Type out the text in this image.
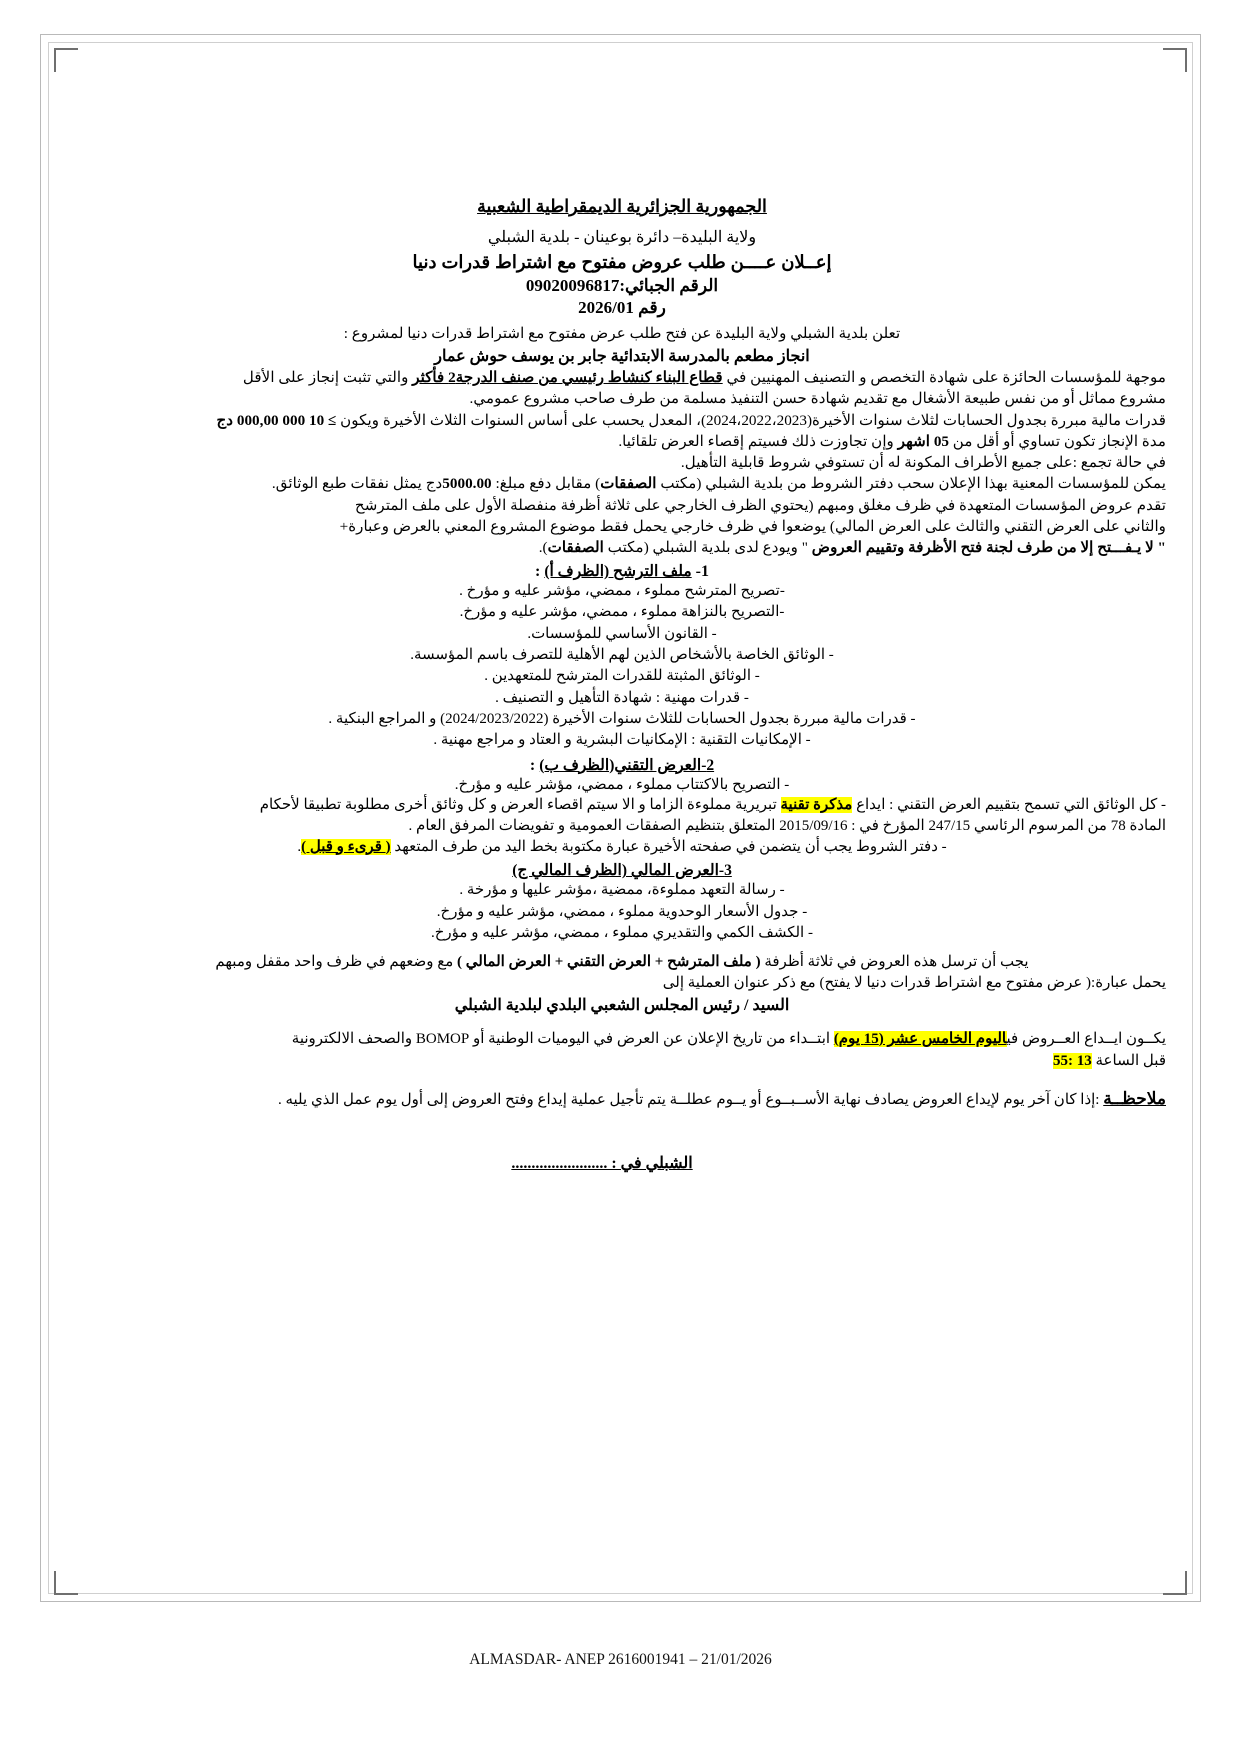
الجمهورية الجزائرية الديمقراطية الشعبية
ولاية البليدة– دائرة بوعينان - بلدية الشبلي
إعــلان عــــن طلب عروض مفتوح مع اشتراط قدرات دنيا
الرقم الجبائي:09020096817
رقم 2026/01

تعلن بلدية الشبلي ولاية البليدة عن فتح طلب عرض مفتوح مع اشتراط قدرات دنيا لمشروع :

انجاز مطعم بالمدرسة الابتدائية جابر بن يوسف حوش عمار

موجهة للمؤسسات الحائزة على شهادة التخصص و التصنيف المهنيين في قطاع البناء كنشاط رئيسي من صنف الدرجة2 فأكثر والتي تثبت إنجاز على الأقل

مشروع مماثل أو من نفس طبيعة الأشغال مع تقديم شهادة حسن التنفيذ مسلمة من طرف صاحب مشروع عمومي.

قدرات مالية مبررة بجدول الحسابات لثلاث سنوات الأخيرة(2024،2022،2023)، المعدل يحسب على أساس السنوات الثلاث الأخيرة ويكون ≥ 10 000 000,00 دج

مدة الإنجاز تكون تساوي أو أقل من 05 اشهر وإن تجاوزت ذلك فسيتم إقصاء العرض تلقائيا.

في حالة تجمع :على جميع الأطراف المكونة له أن تستوفي شروط قابلية التأهيل.

يمكن للمؤسسات المعنية بهذا الإعلان سحب دفتر الشروط من بلدية الشبلي (مكتب الصفقات) مقابل دفع مبلغ: 5000.00دج يمثل نفقات طبع الوثائق.

تقدم عروض المؤسسات المتعهدة في ظرف مغلق ومبهم (يحتوي الظرف الخارجي على ثلاثة أظرفة منفصلة الأول على ملف المترشح

والثاني على العرض التقني والثالث على العرض المالي) يوضعوا في ظرف خارجي يحمل فقط موضوع المشروع المعني بالعرض وعبارة+

" لا يـفـــتح إلا من طرف لجنة فتح الأظرفة وتقييم العروض " ويودع لدى بلدية الشبلي (مكتب الصفقات).

1- ملف الترشح (الظرف أ) :
-تصريح المترشح مملوء ، ممضي، مؤشر عليه و مؤرخ .
-التصريح بالنزاهة مملوء ، ممضي، مؤشر عليه و مؤرخ.
- القانون الأساسي للمؤسسات.
- الوثائق الخاصة بالأشخاص الذين لهم الأهلية للتصرف باسم المؤسسة.
- الوثائق المثبتة للقدرات المترشح للمتعهدين .
- قدرات مهنية : شهادة التأهيل و التصنيف .
- قدرات مالية مبررة بجدول الحسابات للثلاث سنوات الأخيرة (2024/2023/2022) و المراجع البنكية .
- الإمكانيات التقنية : الإمكانيات البشرية و العتاد و مراجع مهنية .
2-العرض التقني(الظرف ب) :

- التصريح بالاكتتاب مملوء ، ممضي، مؤشر عليه و مؤرخ.

- كل الوثائق التي تسمح بتقييم العرض التقني : ايداع مذكرة تقنية تبريرية مملوءة الزاما و الا سيتم اقصاء العرض و كل وثائق أخرى مطلوبة تطبيقا لأحكام

المادة 78 من المرسوم الرئاسي 247/15 المؤرخ في : 2015/09/16 المتعلق بتنظيم الصفقات العمومية و تفويضات المرفق العام .

- دفتر الشروط يجب أن يتضمن في صفحته الأخيرة عبارة مكتوبة بخط اليد من طرف المتعهد ( قرىء و قبل ).

3-العرض المالي (الظرف المالي ج)
- رسالة التعهد مملوءة، ممضية ،مؤشر عليها و مؤرخة .
- جدول الأسعار الوحدوية مملوء ، ممضي، مؤشر عليه و مؤرخ.
- الكشف الكمي والتقديري مملوء ، ممضي، مؤشر عليه و مؤرخ.

يجب أن ترسل هذه العروض في ثلاثة أظرفة ( ملف المترشح + العرض التقني + العرض المالي ) مع وضعهم في ظرف واحد مقفل ومبهم

يحمل عبارة:( عرض مفتوح مع اشتراط قدرات دنيا لا يفتح) مع ذكر عنوان العملية إلى

السيد / رئيس المجلس الشعبي البلدي لبلدية الشبلي

يكــون ايــداع العــروض فياليوم الخامس عشر (15 يوم) ابتــداء من تاريخ الإعلان عن العرض في اليوميات الوطنية أو BOMOP والصحف الالكترونية
قبل الساعة 13 :55
ملاحظــة :إذا كان آخر يوم لإيداع العروض يصادف نهاية الأســبــوع أو يــوم عطلــة يتم تأجيل عملية إيداع وفتح العروض إلى أول يوم عمل الذي يليه .
الشبلي في : ........................
ALMASDAR- ANEP 2616001941 – 21/01/2026
